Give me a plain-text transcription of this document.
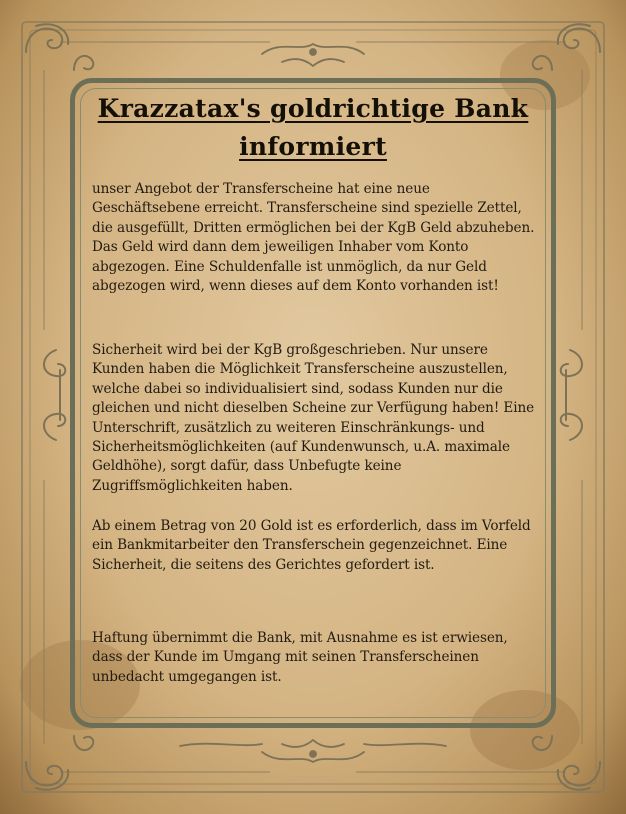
Krazzatax's goldrichtige Bank informiert

unser Angebot der Transferscheine hat eine neue Geschäftsebene erreicht. Transferscheine sind spezielle Zettel, die ausgefüllt, Dritten ermöglichen bei der KgB Geld abzuheben. Das Geld wird dann dem jeweiligen Inhaber vom Konto abgezogen. Eine Schuldenfalle ist unmöglich, da nur Geld abgezogen wird, wenn dieses auf dem Konto vorhanden ist!

Sicherheit wird bei der KgB großgeschrieben. Nur unsere Kunden haben die Möglichkeit Transferscheine auszustellen, welche dabei so individualisiert sind, sodass Kunden nur die gleichen und nicht dieselben Scheine zur Verfügung haben! Eine Unterschrift, zusätzlich zu weiteren Einschränkungs- und Sicherheitsmöglichkeiten (auf Kundenwunsch, u.A. maximale Geldhöhe), sorgt dafür, dass Unbefugte keine Zugriffsmöglichkeiten haben.

Ab einem Betrag von 20 Gold ist es erforderlich, dass im Vorfeld ein Bankmitarbeiter den Transferschein gegenzeichnet. Eine Sicherheit, die seitens des Gerichtes gefordert ist.

Haftung übernimmt die Bank, mit Ausnahme es ist erwiesen, dass der Kunde im Umgang mit seinen Transferscheinen unbedacht umgegangen ist.
